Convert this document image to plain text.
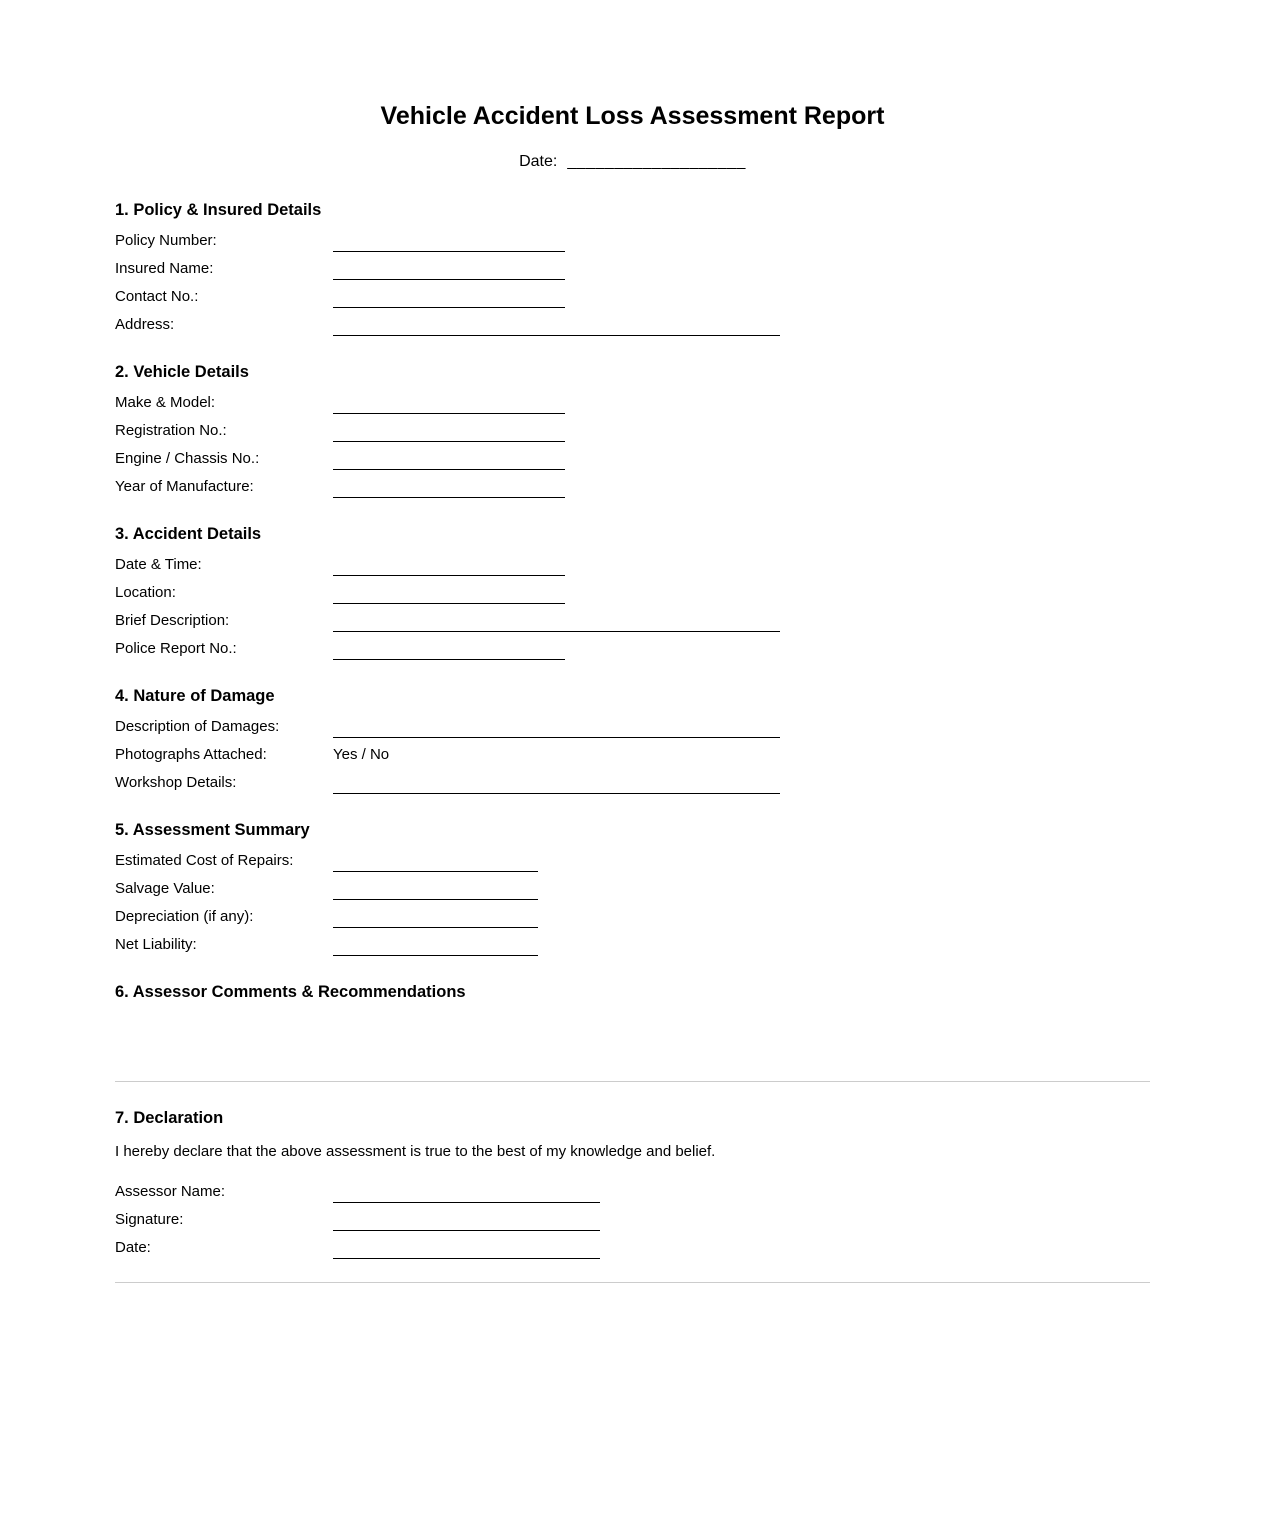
Vehicle Accident Loss Assessment Report
Date: ___________________
1. Policy & Insured Details
Policy Number:
Insured Name:
Contact No.:
Address:
2. Vehicle Details
Make & Model:
Registration No.:
Engine / Chassis No.:
Year of Manufacture:
3. Accident Details
Date & Time:
Location:
Brief Description:
Police Report No.:
4. Nature of Damage
Description of Damages:
Photographs Attached:	Yes / No
Workshop Details:
5. Assessment Summary
Estimated Cost of Repairs:
Salvage Value:
Depreciation (if any):
Net Liability:
6. Assessor Comments & Recommendations
7. Declaration

I hereby declare that the above assessment is true to the best of my knowledge and belief.

Assessor Name:
Signature:
Date:
